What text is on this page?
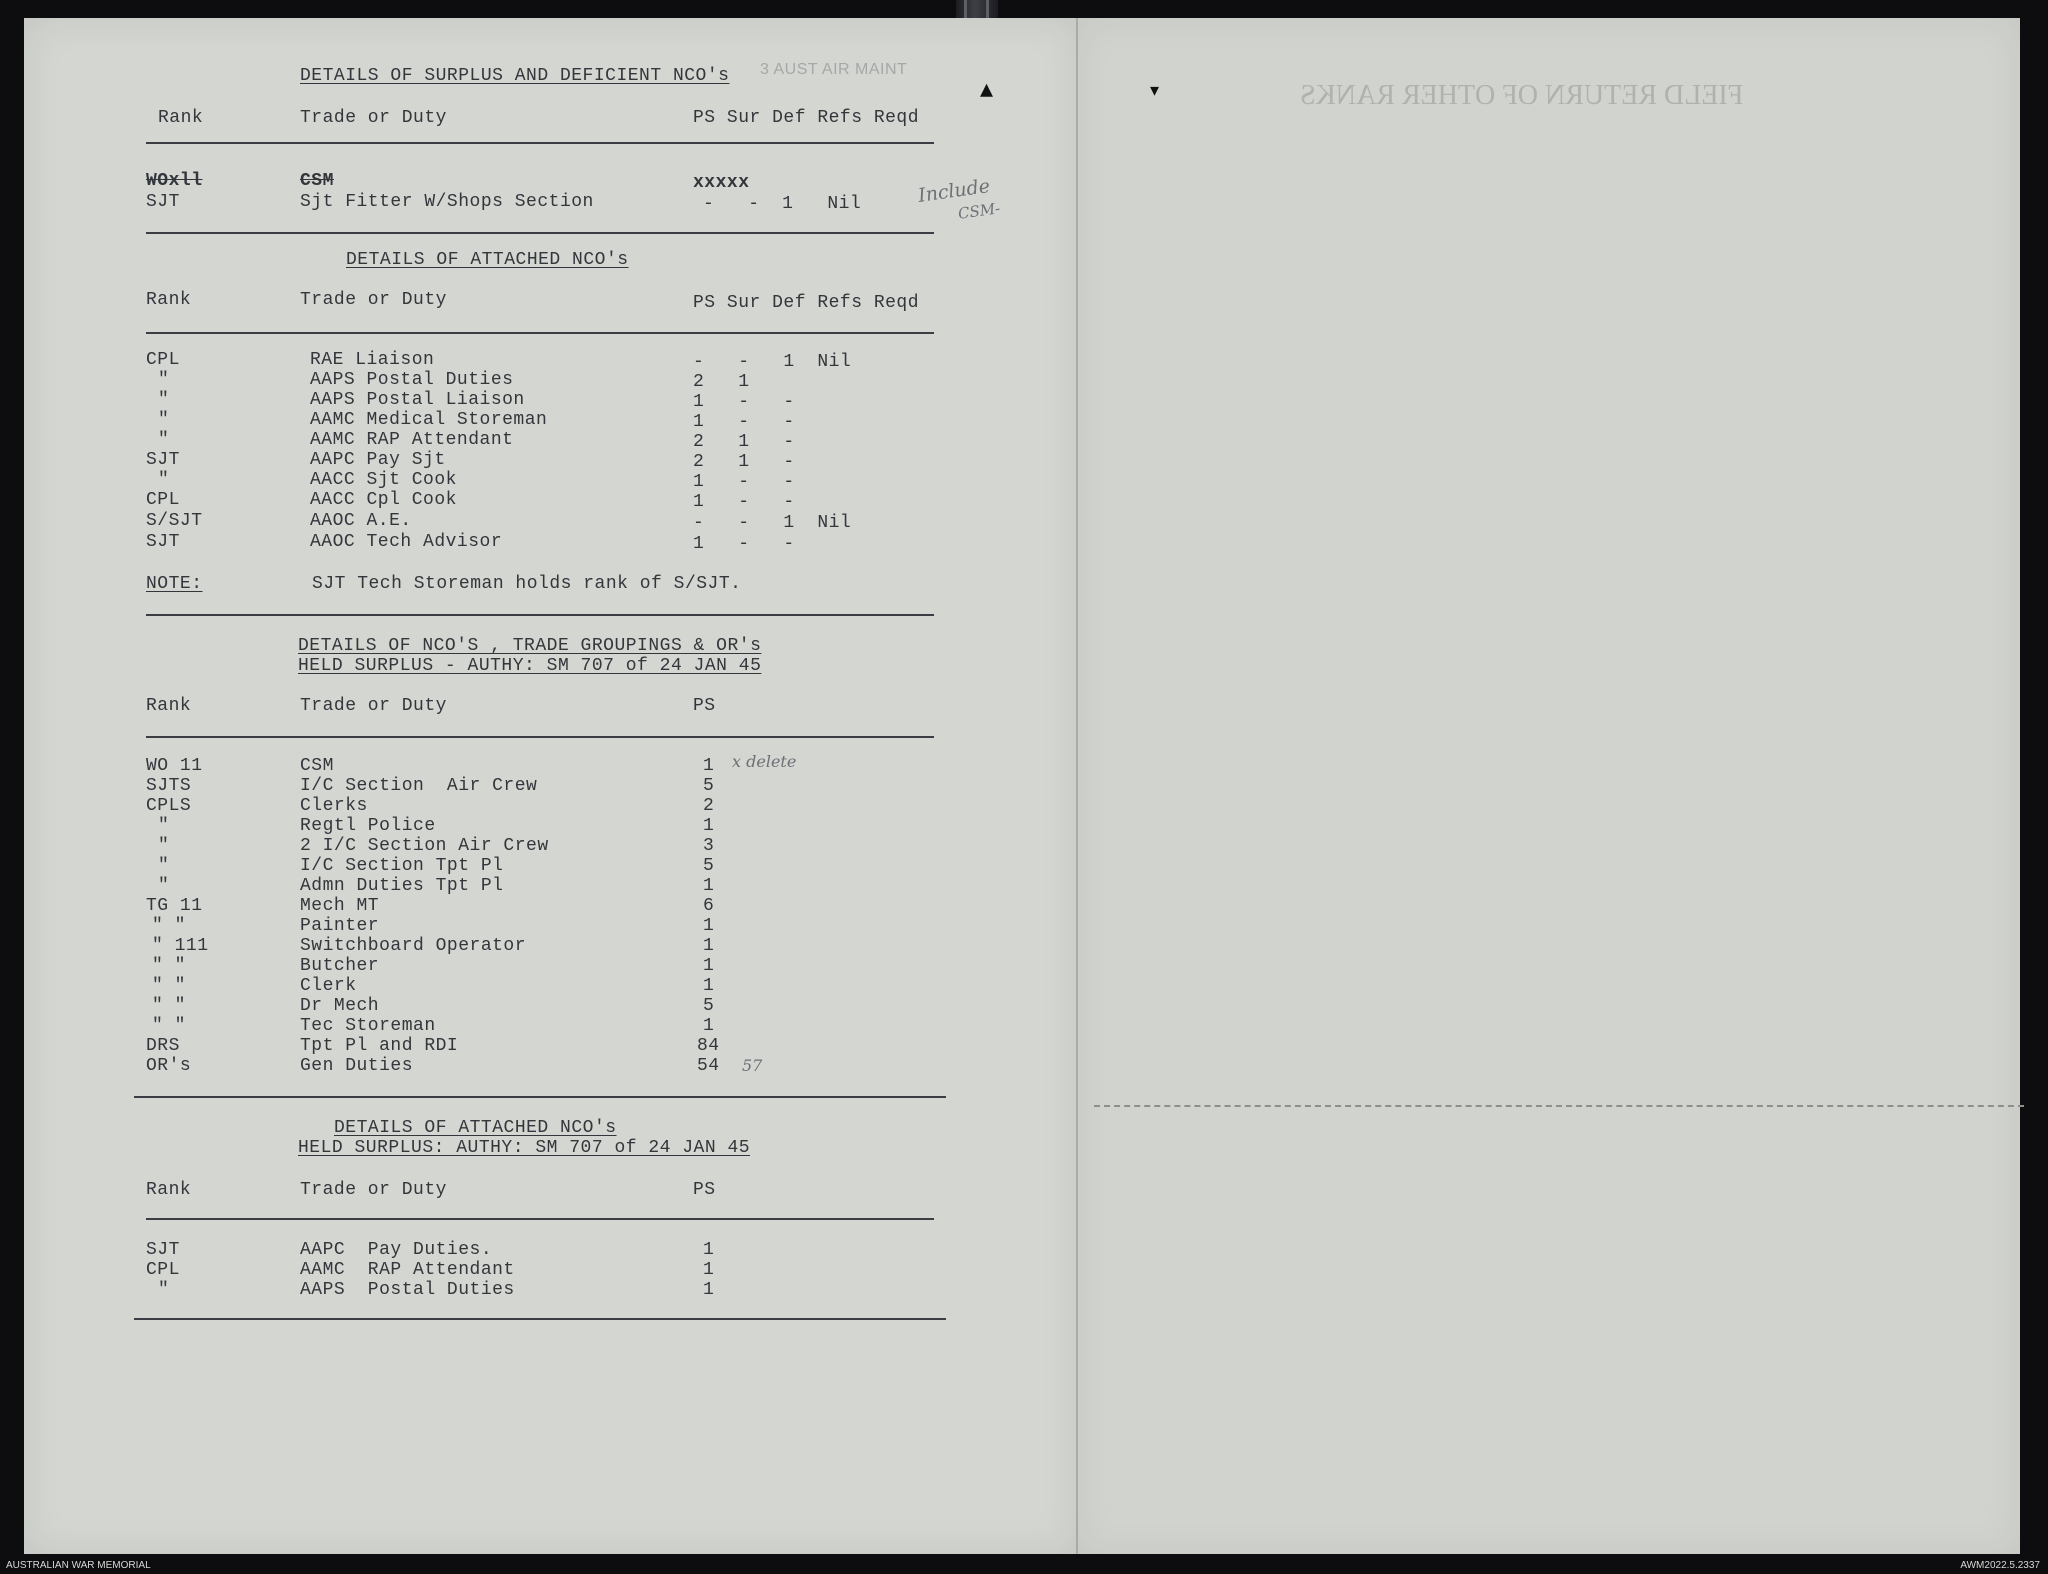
FIELD RETURN OF OTHER RANKS
3 AUST AIR MAINT
▴	▾
DETAILS OF SURPLUS AND DEFICIENT NCO's
Rank	Trade or Duty	PS Sur Def Refs Reqd
WOxll	CSM	xxxxx
SJT	Sjt Fitter W/Shops Section	-   -  1   Nil	Include
CSM-
DETAILS OF ATTACHED NCO's
Rank	Trade or Duty	PS Sur Def Refs Reqd
CPL	RAE Liaison	-   -   1  Nil
"	AAPS Postal Duties	2   1
"	AAPS Postal Liaison	1   -   -
"	AAMC Medical Storeman	1   -   -
"	AAMC RAP Attendant	2   1   -
SJT	AAPC Pay Sjt	2   1   -
"	AACC Sjt Cook	1   -   -
CPL	AACC Cpl Cook	1   -   -
S/SJT	AAOC A.E.	-   -   1  Nil
SJT	AAOC Tech Advisor	1   -   -
NOTE:	SJT Tech Storeman holds rank of S/SJT.
DETAILS OF NCO'S , TRADE GROUPINGS & OR's
HELD SURPLUS - AUTHY: SM 707 of 24 JAN 45
Rank	Trade or Duty	PS
WO 11	CSM	1
SJTS	I/C Section  Air Crew	5
CPLS	Clerks	2
"	Regtl Police	1
"	2 I/C Section Air Crew	3
"	I/C Section Tpt Pl	5
"	Admn Duties Tpt Pl	1
TG 11	Mech MT	6
" "	Painter	1
" 111	Switchboard Operator	1
" "	Butcher	1
" "	Clerk	1
" "	Dr Mech	5
" "	Tec Storeman	1
DRS	Tpt Pl and RDI	84
OR's	Gen Duties	54
x delete
57
DETAILS OF ATTACHED NCO's
HELD SURPLUS: AUTHY: SM 707 of 24 JAN 45
Rank	Trade or Duty	PS
SJT	AAPC  Pay Duties.	1
CPL	AAMC  RAP Attendant	1
"	AAPS  Postal Duties	1
AUSTRALIAN WAR MEMORIAL	AWM2022.5.2337
